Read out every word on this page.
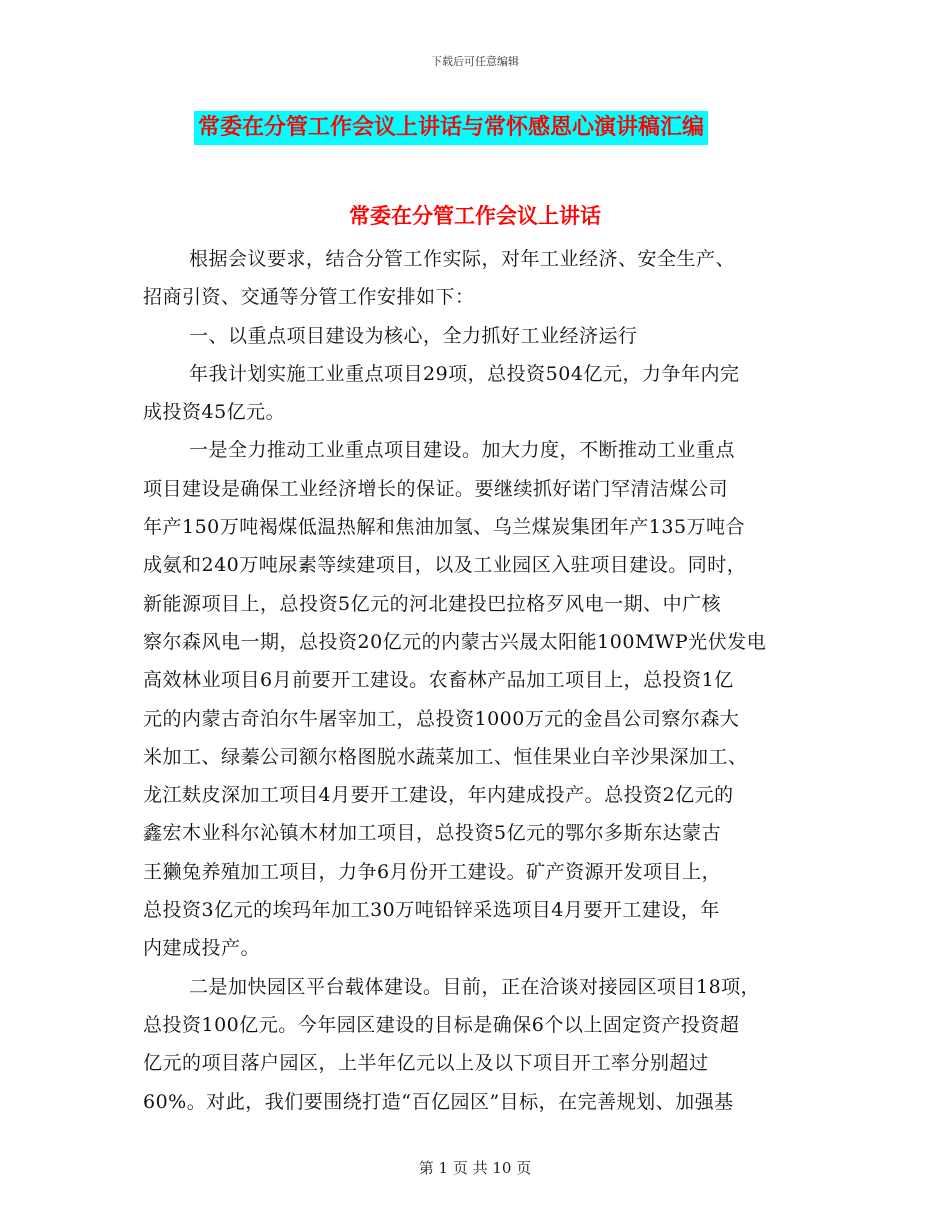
下载后可任意编辑
常委在分管工作会议上讲话与常怀感恩心演讲稿汇编
常委在分管工作会议上讲话
根据会议要求，结合分管工作实际，对年工业经济、安全生产、
招商引资、交通等分管工作安排如下：
一、以重点项目建设为核心，全力抓好工业经济运行
年我计划实施工业重点项目29项，总投资504亿元，力争年内完
成投资45亿元。
一是全力推动工业重点项目建设。加大力度，不断推动工业重点
项目建设是确保工业经济增长的保证。要继续抓好诺门罕清洁煤公司
年产150万吨褐煤低温热解和焦油加氢、乌兰煤炭集团年产135万吨合
成氨和240万吨尿素等续建项目，以及工业园区入驻项目建设。同时，
新能源项目上，总投资5亿元的河北建投巴拉格歹风电一期、中广核
察尔森风电一期，总投资20亿元的内蒙古兴晟太阳能100MWP光伏发电
高效林业项目6月前要开工建设。农畜林产品加工项目上，总投资1亿
元的内蒙古奇泊尔牛屠宰加工，总投资1000万元的金昌公司察尔森大
米加工、绿蓁公司额尔格图脱水蔬菜加工、恒佳果业白辛沙果深加工、
龙江麸皮深加工项目4月要开工建设，年内建成投产。总投资2亿元的
鑫宏木业科尔沁镇木材加工项目，总投资5亿元的鄂尔多斯东达蒙古
王獭兔养殖加工项目，力争6月份开工建设。矿产资源开发项目上，
总投资3亿元的埃玛年加工30万吨铅锌采选项目4月要开工建设，年
内建成投产。
二是加快园区平台载体建设。目前，正在洽谈对接园区项目18项，
总投资100亿元。今年园区建设的目标是确保6个以上固定资产投资超
亿元的项目落户园区，上半年亿元以上及以下项目开工率分别超过
60%。对此，我们要围绕打造“百亿园区”目标，在完善规划、加强基
第 1 页 共 10 页
